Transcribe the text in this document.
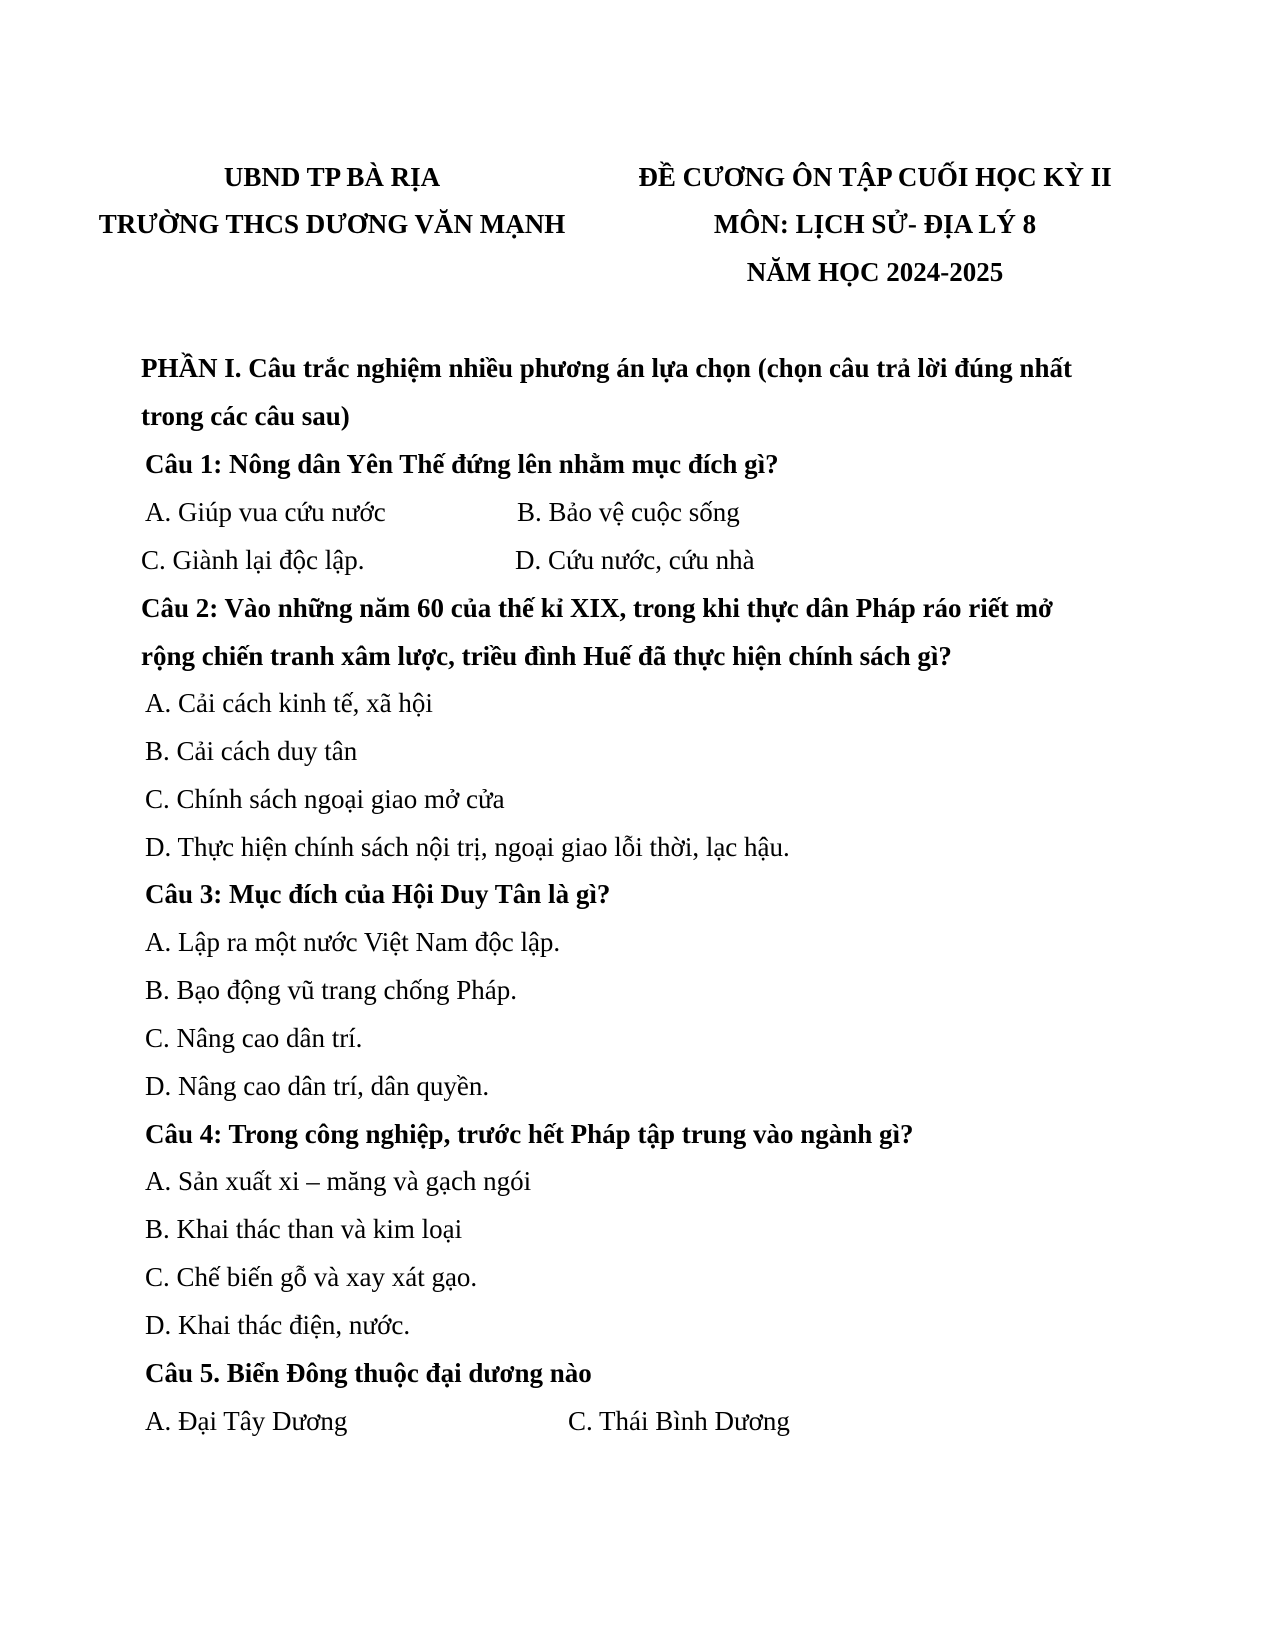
UBND TP BÀ RỊA
TRƯỜNG THCS DƯƠNG VĂN MẠNH
ĐỀ CƯƠNG ÔN TẬP CUỐI HỌC KỲ II
MÔN: LỊCH SỬ- ĐỊA LÝ 8
NĂM HỌC 2024-2025
PHẦN I. Câu trắc nghiệm nhiều phương án lựa chọn (chọn câu trả lời đúng nhất
trong các câu sau)
Câu 1: Nông dân Yên Thế đứng lên nhằm mục đích gì?
A. Giúp vua cứu nước	B. Bảo vệ cuộc sống
C. Giành lại độc lập.	D. Cứu nước, cứu nhà
Câu 2: Vào những năm 60 của thế kỉ XIX, trong khi thực dân Pháp ráo riết mở
rộng chiến tranh xâm lược, triều đình Huế đã thực hiện chính sách gì?
A. Cải cách kinh tế, xã hội
B. Cải cách duy tân
C. Chính sách ngoại giao mở cửa
D. Thực hiện chính sách nội trị, ngoại giao lỗi thời, lạc hậu.
Câu 3: Mục đích của Hội Duy Tân là gì?
A. Lập ra một nước Việt Nam độc lập.
B. Bạo động vũ trang chống Pháp.
C. Nâng cao dân trí.
D. Nâng cao dân trí, dân quyền.
Câu 4: Trong công nghiệp, trước hết Pháp tập trung vào ngành gì?
A. Sản xuất xi – măng và gạch ngói
B. Khai thác than và kim loại
C. Chế biến gỗ và xay xát gạo.
D. Khai thác điện, nước.
Câu 5. Biển Đông thuộc đại dương nào
A. Đại Tây Dương	C. Thái Bình Dương
